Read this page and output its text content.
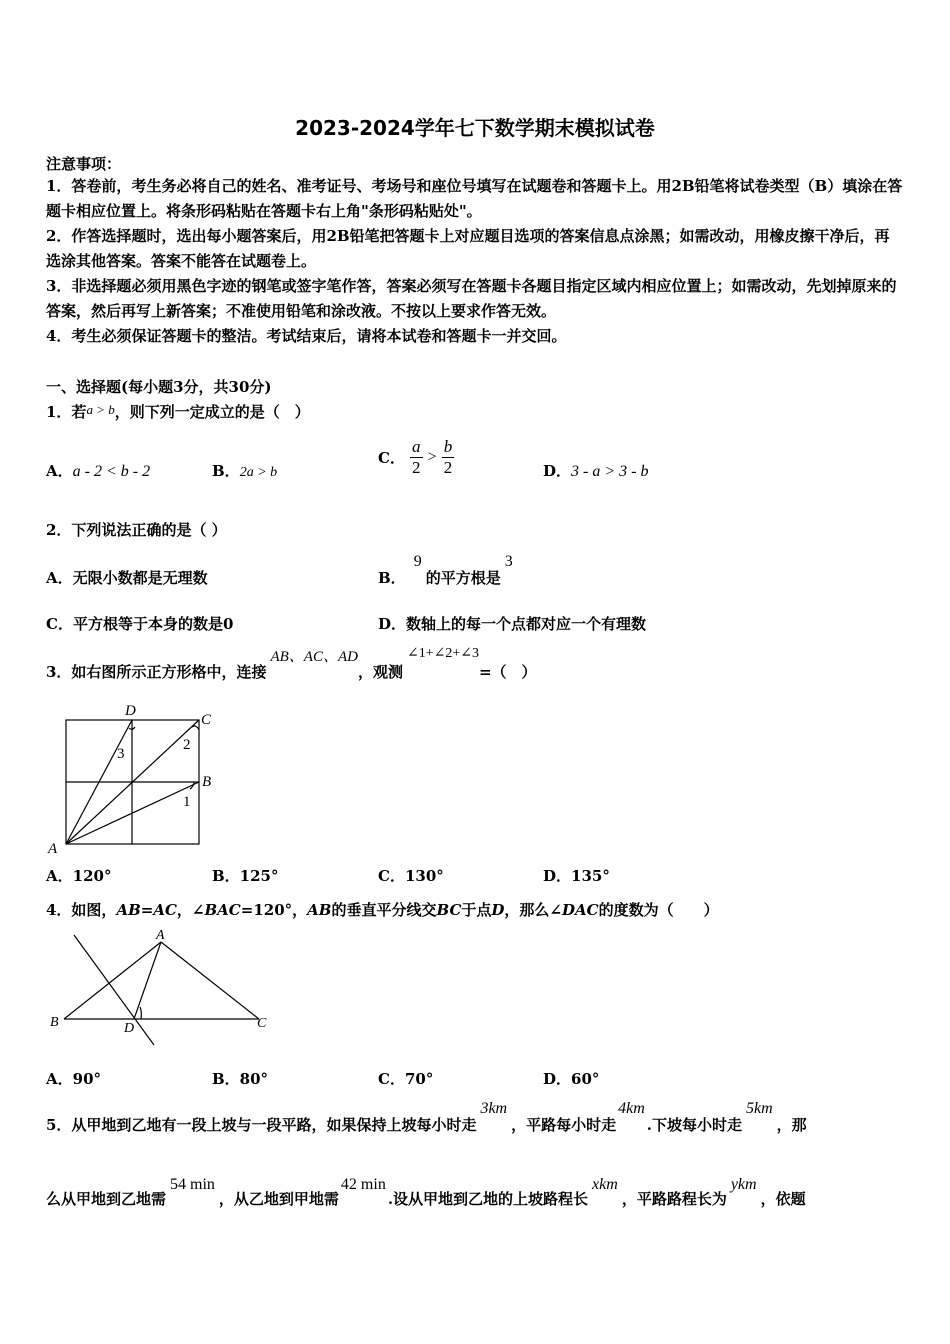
2023-2024学年七下数学期末模拟试卷
注意事项：
1．答卷前，考生务必将自己的姓名、准考证号、考场号和座位号填写在试题卷和答题卡上。用2B铅笔将试卷类型（B）填涂在答题卡相应位置上。将条形码粘贴在答题卡右上角"条形码粘贴处"。
2．作答选择题时，选出每小题答案后，用2B铅笔把答题卡上对应题目选项的答案信息点涂黑；如需改动，用橡皮擦干净后，再选涂其他答案。答案不能答在试题卷上。
3．非选择题必须用黑色字迹的钢笔或签字笔作答，答案必须写在答题卡各题目指定区域内相应位置上；如需改动，先划掉原来的答案，然后再写上新答案；不准使用铅笔和涂改液。不按以上要求作答无效。
4．考生必须保证答题卡的整洁。考试结束后，请将本试卷和答题卡一并交回。
一、选择题(每小题3分，共30分)
1．若a > b，则下列一定成立的是（　）
A．a - 2 < b - 2	B．2a > b
C． $\frac{a}{2} > \frac{b}{2}$	D．3 - a > 3 - b
2．下列说法正确的是（ ）
A．无限小数都是无理数	B．9的平方根是3
C．平方根等于本身的数是0	D．数轴上的每一个点都对应一个有理数
3．如右图所示正方形格中，连接AB、AC、AD，观测∠1+∠2+∠3=（　）
A
B
C
D
1
2
3
A．120°	B．125°	C．130°	D．135°
4．如图，AB=AC，∠BAC=120°，AB的垂直平分线交BC于点D，那么∠DAC的度数为（　　）
A
B	C
D
A．90°	B．80°	C．70°	D．60°
5．从甲地到乙地有一段上坡与一段平路，如果保持上坡每小时走3km，平路每小时走4km.下坡每小时走5km，那
么从甲地到乙地需54 min，从乙地到甲地需42 min.设从甲地到乙地的上坡路程长xkm，平路路程长为ykm，依题
